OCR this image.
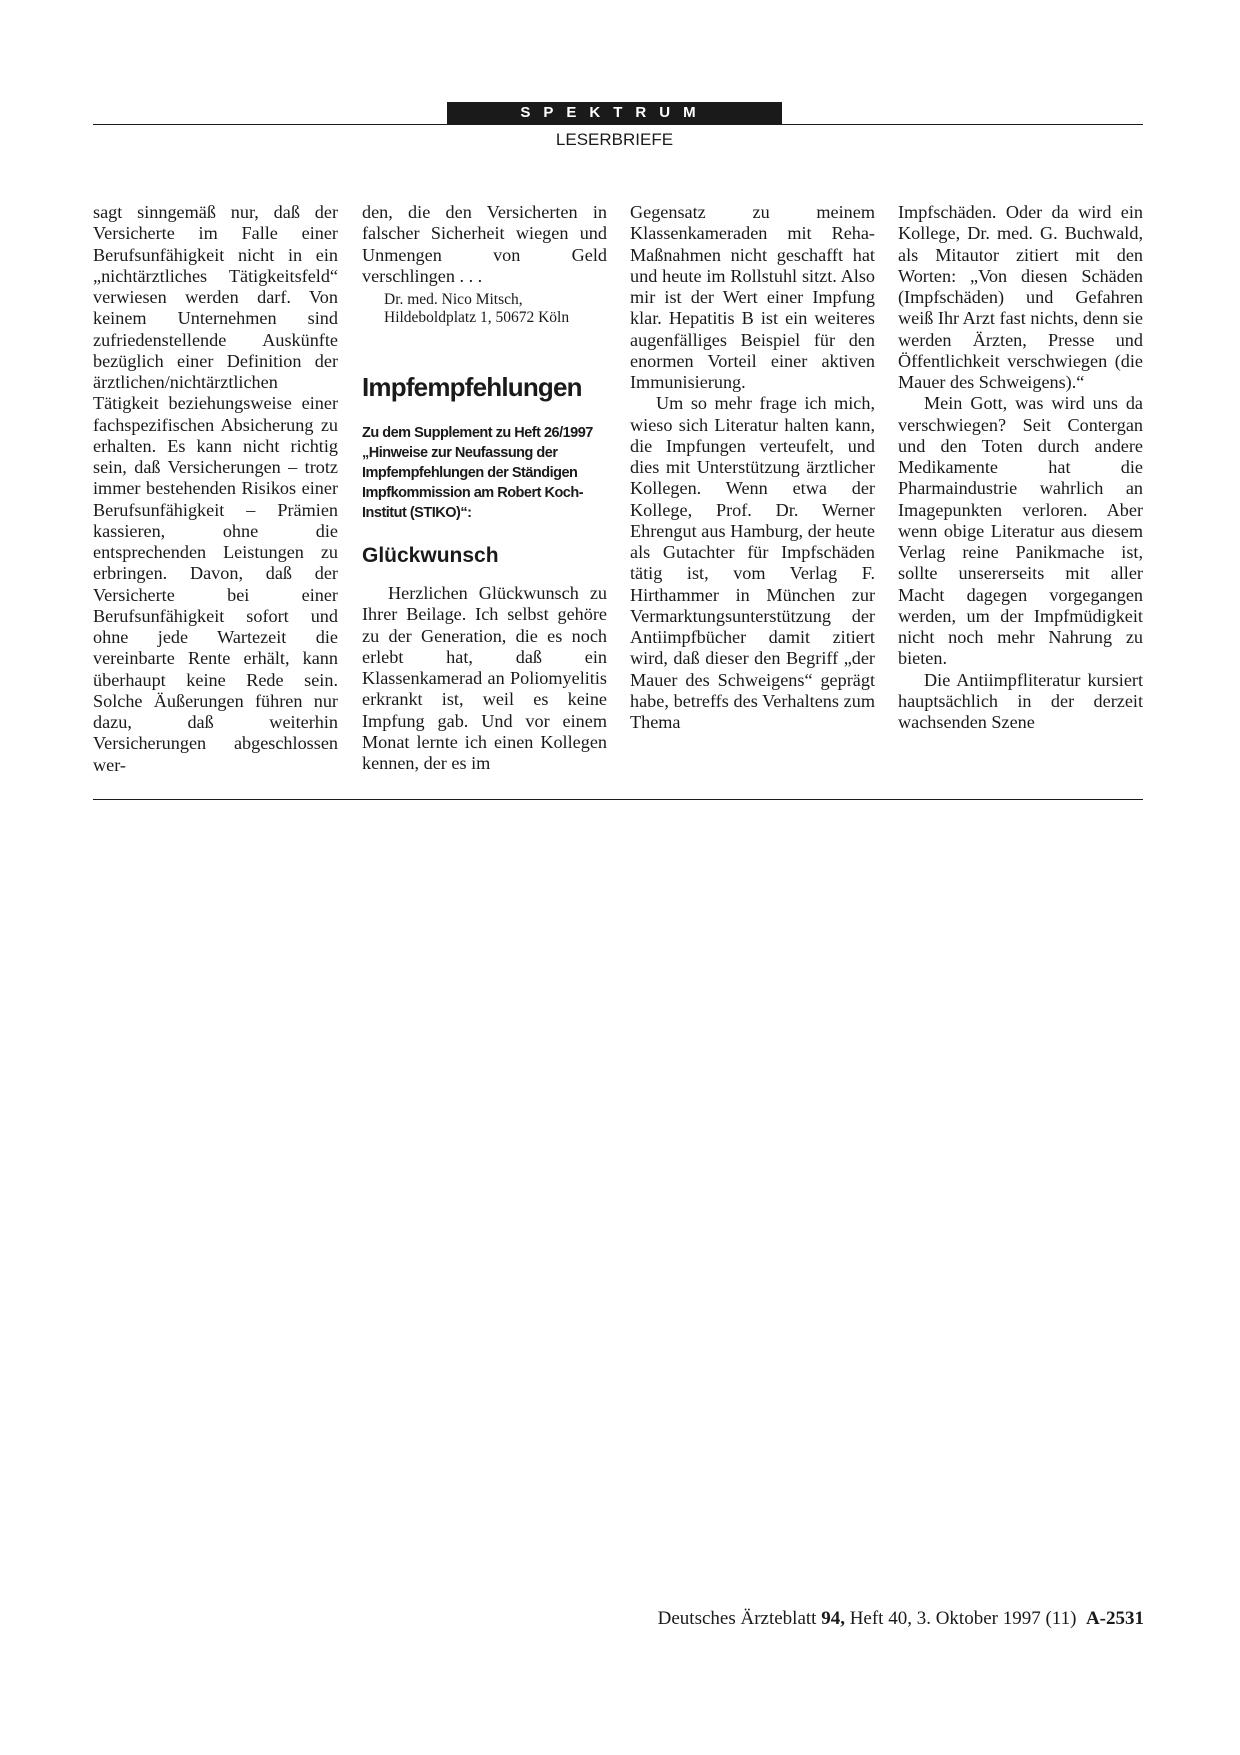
SPEKTRUM
LESERBRIEFE

sagt sinngemäß nur, daß der Versicherte im Falle einer Berufsunfähigkeit nicht in ein „nichtärztliches Tätigkeitsfeld“ verwiesen werden darf. Von keinem Unternehmen sind zufriedenstellende Auskünfte bezüglich einer Definition der ärztlichen/nichtärztlichen Tätigkeit beziehungsweise einer fachspezifischen Absicherung zu erhalten. Es kann nicht richtig sein, daß Versicherungen – trotz immer bestehenden Risikos einer Berufsunfähigkeit – Prämien kassieren, ohne die entsprechenden Leistungen zu erbringen. Davon, daß der Versicherte bei einer Berufsunfähigkeit sofort und ohne jede Wartezeit die vereinbarte Rente erhält, kann überhaupt keine Rede sein. Solche Äußerungen führen nur dazu, daß weiterhin Versicherungen abgeschlossen wer-

den, die den Versicherten in falscher Sicherheit wiegen und Unmengen von Geld verschlingen . . .

Dr. med. Nico Mitsch, Hildeboldplatz 1, 50672 Köln

Impfempfehlungen

Zu dem Supplement zu Heft 26/1997 „Hinweise zur Neufassung der Impfempfehlungen der Ständigen Impfkommission am Robert Koch-Institut (STIKO)“:

Glückwunsch

Herzlichen Glückwunsch zu Ihrer Beilage. Ich selbst gehöre zu der Generation, die es noch erlebt hat, daß ein Klassenkamerad an Poliomyelitis erkrankt ist, weil es keine Impfung gab. Und vor einem Monat lernte ich einen Kollegen kennen, der es im

Gegensatz zu meinem Klassenkameraden mit Reha-Maßnahmen nicht geschafft hat und heute im Rollstuhl sitzt. Also mir ist der Wert einer Impfung klar. Hepatitis B ist ein weiteres augenfälliges Beispiel für den enormen Vorteil einer aktiven Immunisierung.

Um so mehr frage ich mich, wieso sich Literatur halten kann, die Impfungen verteufelt, und dies mit Unterstützung ärztlicher Kollegen. Wenn etwa der Kollege, Prof. Dr. Werner Ehrengut aus Hamburg, der heute als Gutachter für Impfschäden tätig ist, vom Verlag F. Hirthammer in München zur Vermarktungsunterstützung der Antiimpfbücher damit zitiert wird, daß dieser den Begriff „der Mauer des Schweigens“ geprägt habe, betreffs des Verhaltens zum Thema

Impfschäden. Oder da wird ein Kollege, Dr. med. G. Buchwald, als Mitautor zitiert mit den Worten: „Von diesen Schäden (Impfschäden) und Gefahren weiß Ihr Arzt fast nichts, denn sie werden Ärzten, Presse und Öffentlichkeit verschwiegen (die Mauer des Schweigens).“

Mein Gott, was wird uns da verschwiegen? Seit Contergan und den Toten durch andere Medikamente hat die Pharmaindustrie wahrlich an Imagepunkten verloren. Aber wenn obige Literatur aus diesem Verlag reine Panikmache ist, sollte unsererseits mit aller Macht dagegen vorgegangen werden, um der Impfmüdigkeit nicht noch mehr Nahrung zu bieten.

Die Antiimpfliteratur kursiert hauptsächlich in der derzeit wachsenden Szene

Deutsches Ärzteblatt 94, Heft 40, 3. Oktober 1997 (11) A-2531
